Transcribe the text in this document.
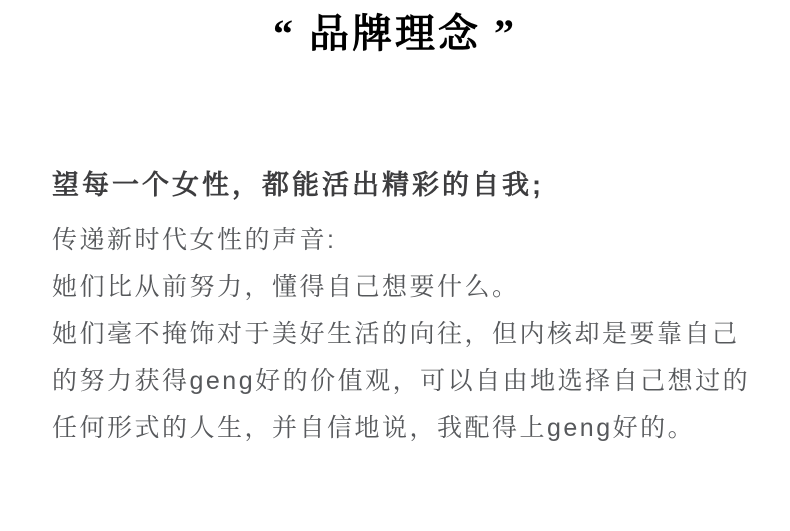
“ 品牌理念 ”
望每一个女性，都能活出精彩的自我;

传递新时代女性的声音:

她们比从前努力，懂得自己想要什么。

她们毫不掩饰对于美好生活的向往，但内核却是要靠自己

的努力获得geng好的价值观，可以自由地选择自己想过的

任何形式的人生，并自信地说，我配得上geng好的。
